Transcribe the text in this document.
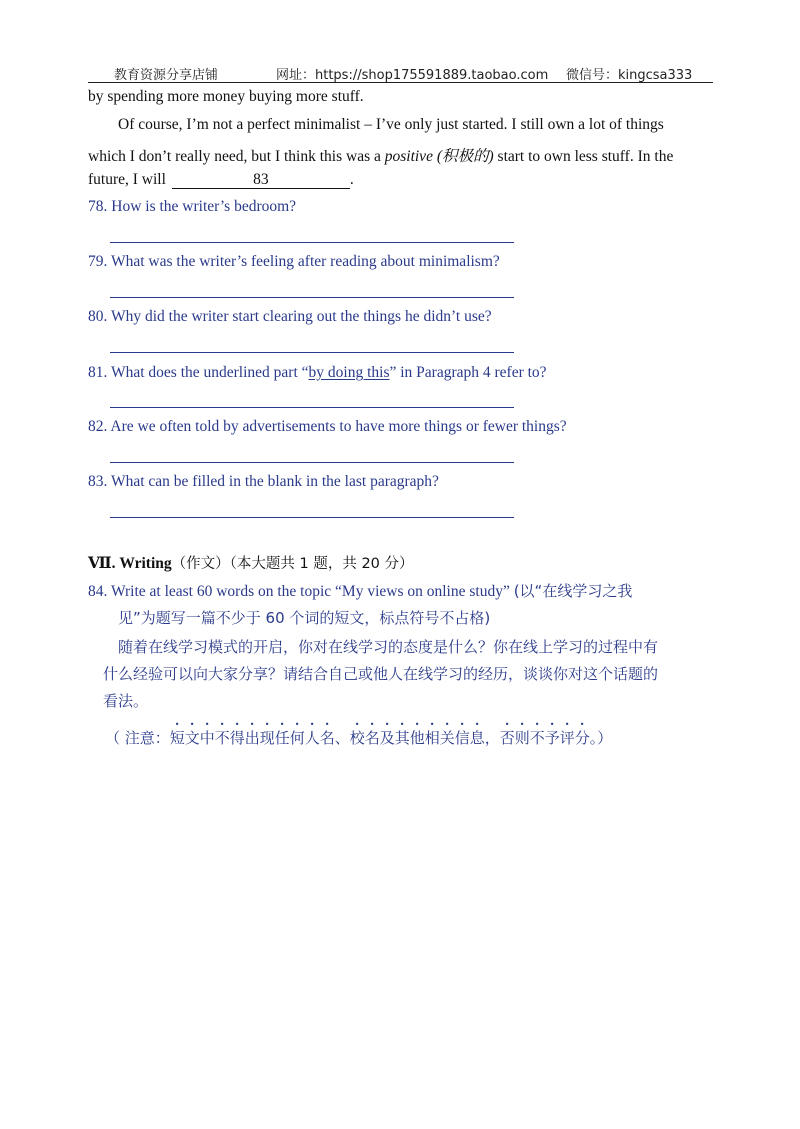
教育资源分享店铺	网址：https://shop175591889.taobao.com 微信号：kingcsa333
by spending more money buying more stuff.
Of course, I’m not a perfect minimalist – I’ve only just started. I still own a lot of things
which I don’t really need, but I think this was a positive (积极的) start to own less stuff. In the
future, I will	83	.
78. How is the writer’s bedroom?
79. What was the writer’s feeling after reading about minimalism?
80. Why did the writer start clearing out the things he didn’t use?
81. What does the underlined part “by doing this” in Paragraph 4 refer to?
82. Are we often told by advertisements to have more things or fewer things?
83. What can be filled in the blank in the last paragraph?
Ⅶ. Writing（作文）（本大题共 1 题，共 20 分）
84. Write at least 60 words on the topic “My views on online study” (以“在线学习之我
见”为题写一篇不少于 60 个词的短文，标点符号不占格)
随着在线学习模式的开启，你对在线学习的态度是什么？你在线上学习的过程中有
什么经验可以向大家分享？请结合自己或他人在线学习的经历，谈谈你对这个话题的
看法。
（ 注意：短文中不得出现任何人名、校名及其他相关信息，否则不予评分。）
